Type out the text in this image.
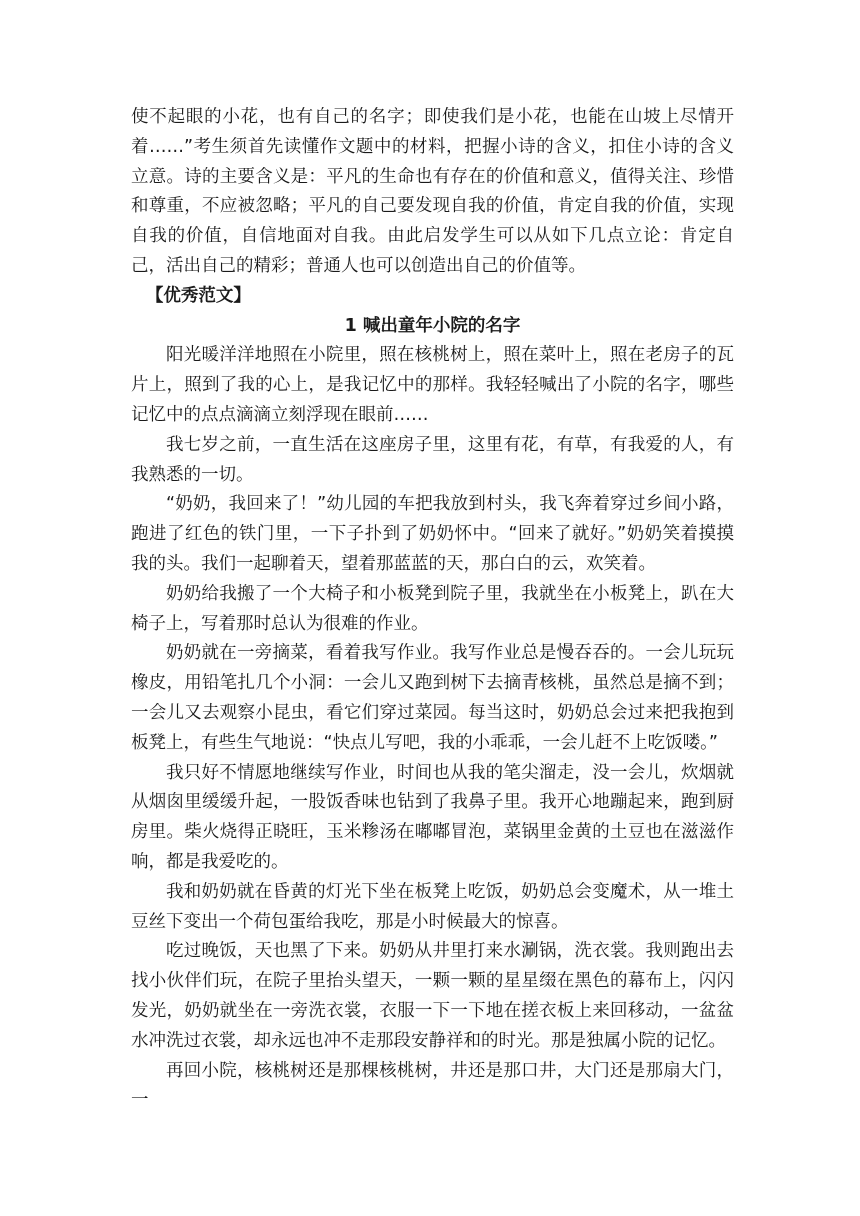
使不起眼的小花，也有自己的名字；即使我们是小花，也能在山坡上尽情开着……”考生须首先读懂作文题中的材料，把握小诗的含义，扣住小诗的含义立意。诗的主要含义是：平凡的生命也有存在的价值和意义，值得关注、珍惜和尊重，不应被忽略；平凡的自己要发现自我的价值，肯定自我的价值，实现自我的价值，自信地面对自我。由此启发学生可以从如下几点立论：肯定自己，活出自己的精彩；普通人也可以创造出自己的价值等。

【优秀范文】

1 喊出童年小院的名字

阳光暖洋洋地照在小院里，照在核桃树上，照在菜叶上，照在老房子的瓦片上，照到了我的心上，是我记忆中的那样。我轻轻喊出了小院的名字，哪些记忆中的点点滴滴立刻浮现在眼前……

我七岁之前，一直生活在这座房子里，这里有花，有草，有我爱的人，有我熟悉的一切。

“奶奶，我回来了！”幼儿园的车把我放到村头，我飞奔着穿过乡间小路，跑进了红色的铁门里，一下子扑到了奶奶怀中。“回来了就好。”奶奶笑着摸摸我的头。我们一起聊着天，望着那蓝蓝的天，那白白的云，欢笑着。

奶奶给我搬了一个大椅子和小板凳到院子里，我就坐在小板凳上，趴在大椅子上，写着那时总认为很难的作业。

奶奶就在一旁摘菜，看着我写作业。我写作业总是慢吞吞的。一会儿玩玩橡皮，用铅笔扎几个小洞：一会儿又跑到树下去摘青核桃，虽然总是摘不到；一会儿又去观察小昆虫，看它们穿过菜园。每当这时，奶奶总会过来把我抱到板凳上，有些生气地说：“快点儿写吧，我的小乖乖，一会儿赶不上吃饭喽。”

我只好不情愿地继续写作业，时间也从我的笔尖溜走，没一会儿，炊烟就从烟囱里缓缓升起，一股饭香味也钻到了我鼻子里。我开心地蹦起来，跑到厨房里。柴火烧得正晓旺，玉米糁汤在嘟嘟冒泡，菜锅里金黄的土豆也在滋滋作响，都是我爱吃的。

我和奶奶就在昏黄的灯光下坐在板凳上吃饭，奶奶总会变魔术，从一堆土豆丝下变出一个荷包蛋给我吃，那是小时候最大的惊喜。

吃过晚饭，天也黑了下来。奶奶从井里打来水涮锅，洗衣裳。我则跑出去找小伙伴们玩，在院子里抬头望天，一颗一颗的星星缀在黑色的幕布上，闪闪发光，奶奶就坐在一旁洗衣裳，衣服一下一下地在搓衣板上来回移动，一盆盆水冲洗过衣裳，却永远也冲不走那段安静祥和的时光。那是独属小院的记忆。

再回小院，核桃树还是那棵核桃树，井还是那口井，大门还是那扇大门，一
